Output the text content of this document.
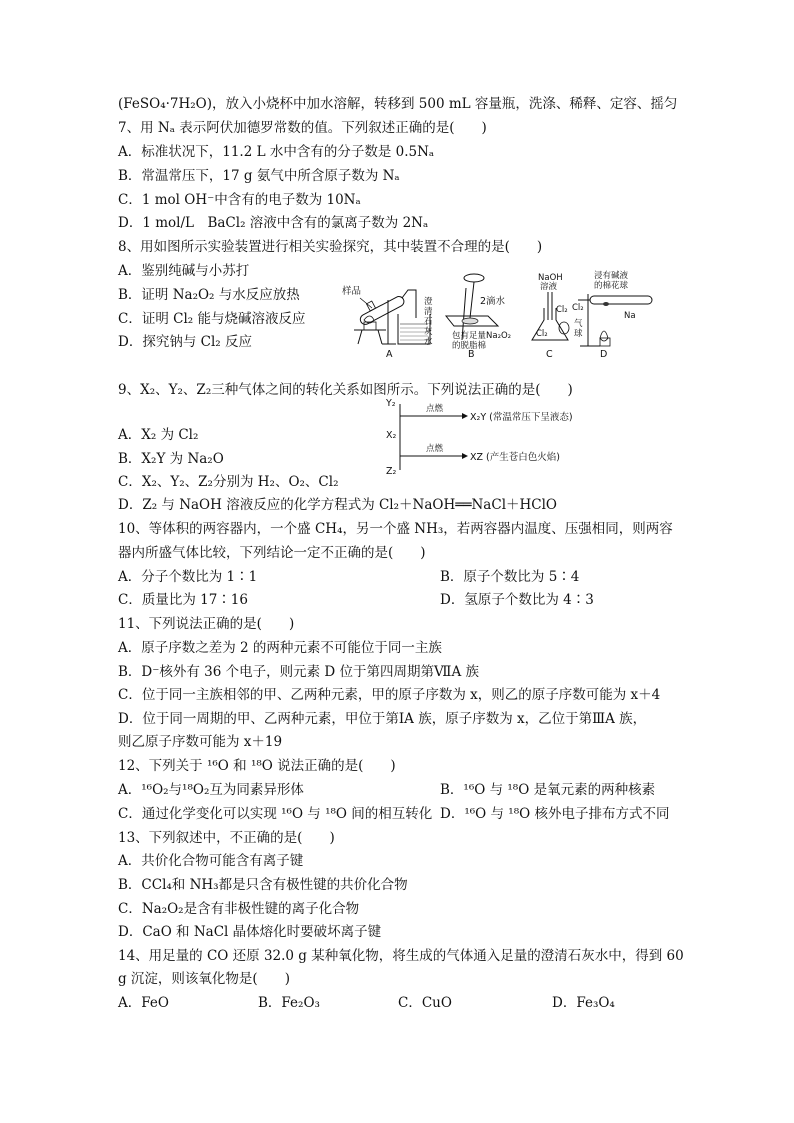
(FeSO₄·7H₂O)，放入小烧杯中加水溶解，转移到 500 mL 容量瓶，洗涤、稀释、定容、摇匀
7、用 Nₐ 表示阿伏加德罗常数的值。下列叙述正确的是(　　)
A．标准状况下，11.2 L 水中含有的分子数是 0.5Nₐ
B．常温常压下，17 g 氨气中所含原子数为 Nₐ
C．1 mol OH⁻中含有的电子数为 10Nₐ
D．1 mol/L　BaCl₂ 溶液中含有的氯离子数为 2Nₐ
8、用如图所示实验装置进行相关实验探究，其中装置不合理的是(　　)
A．鉴别纯碱与小苏打
B．证明 Na₂O₂ 与水反应放热
C．证明 Cl₂ 能与烧碱溶液反应
D．探究钠与 Cl₂ 反应
样品
澄
清
石
灰
水
A
2滴水
包有足量Na₂O₂
的脱脂棉
B
NaOH
溶液
Cl₂
Cl₂
气
球
C
浸有碱液
的棉花球
Cl₂
Na
D
9、X₂、Y₂、Z₂三种气体之间的转化关系如图所示。下列说法正确的是(　　)
A．X₂ 为 Cl₂
B．X₂Y 为 Na₂O
C．X₂、Y₂、Z₂分别为 H₂、O₂、Cl₂
D．Z₂ 与 NaOH 溶液反应的化学方程式为 Cl₂＋NaOH══NaCl＋HClO
Y₂
X₂
Z₂
点燃
X₂Y (常温常压下呈液态)
点燃
XZ (产生苍白色火焰)
10、等体积的两容器内，一个盛 CH₄，另一个盛 NH₃，若两容器内温度、压强相同，则两容
器内所盛气体比较，下列结论一定不正确的是(　　)
A．分子个数比为 1∶1	B．原子个数比为 5∶4
C．质量比为 17∶16	D．氢原子个数比为 4∶3
11、下列说法正确的是(　　)
A．原子序数之差为 2 的两种元素不可能位于同一主族
B．D⁻核外有 36 个电子，则元素 D 位于第四周期第ⅦA 族
C．位于同一主族相邻的甲、乙两种元素，甲的原子序数为 x，则乙的原子序数可能为 x＋4
D．位于同一周期的甲、乙两种元素，甲位于第ⅠA 族，原子序数为 x，乙位于第ⅢA 族，
则乙原子序数可能为 x＋19
12、下列关于 ¹⁶O 和 ¹⁸O 说法正确的是(　　)
A．¹⁶O₂与¹⁸O₂互为同素异形体	B．¹⁶O 与 ¹⁸O 是氧元素的两种核素
C．通过化学变化可以实现 ¹⁶O 与 ¹⁸O 间的相互转化 D．¹⁶O 与 ¹⁸O 核外电子排布方式不同
13、下列叙述中，不正确的是(　　)
A．共价化合物可能含有离子键
B．CCl₄和 NH₃都是只含有极性键的共价化合物
C．Na₂O₂是含有非极性键的离子化合物
D．CaO 和 NaCl 晶体熔化时要破坏离子键
14、用足量的 CO 还原 32.0 g 某种氧化物，将生成的气体通入足量的澄清石灰水中，得到 60
g 沉淀，则该氧化物是(　　)
A．FeO	B．Fe₂O₃	C．CuO	D．Fe₃O₄
